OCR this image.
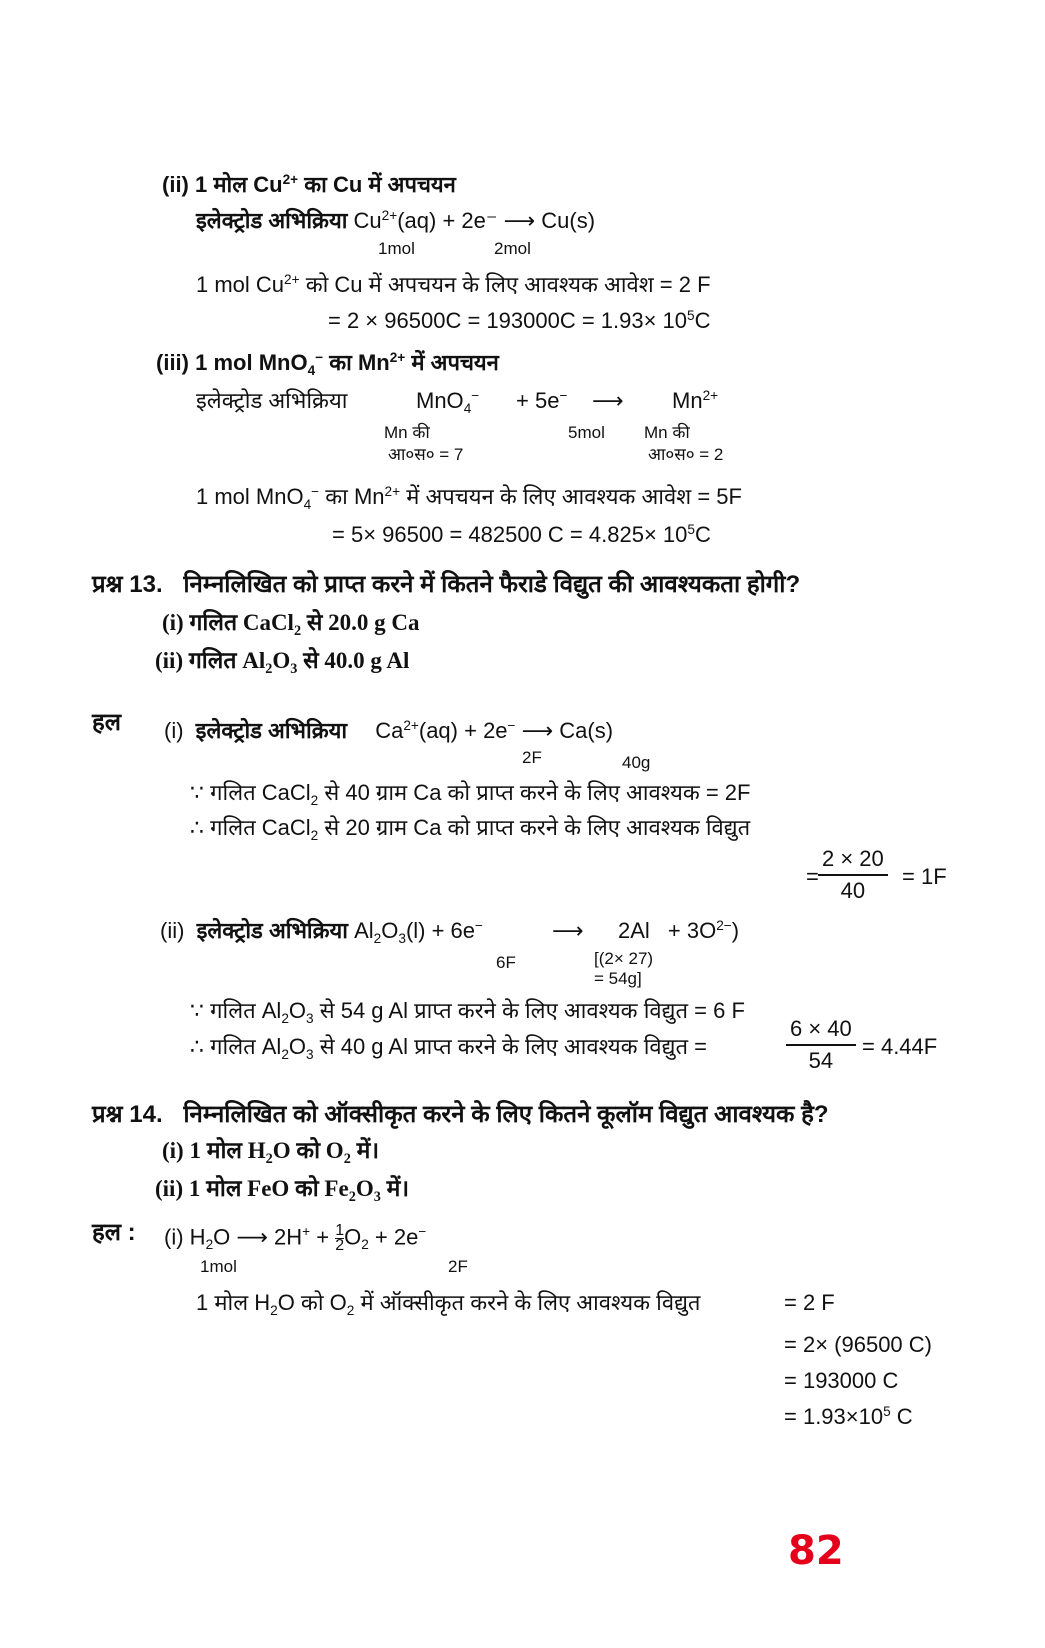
(ii) 1 मोल $Cu^{2+}$ का Cu में अपचयन
इलेक्ट्रोड अभिक्रिया $Cu^{2+}(aq) + 2e^-$ ⟶ Cu(s)
1mol	2mol
1 mol $Cu^{2+}$ को Cu में अपचयन के लिए आवश्यक आवेश = 2 F
= $2 \times 96500C = 193000C = 1.93\times 10^5C$
(iii) 1 mol MnO$_4$− का $Mn^{2+}$ में अपचयन
इलेक्ट्रोड अभिक्रिया	MnO$_4$− + 5e− ⟶ $Mn^{2+}$
Mn की
आ०स० = 7
5mol Mn की
आ०स० = 2
1 mol MnO$_4$− का $Mn^{2+}$ में अपचयन के लिए आवश्यक आवेश = 5F
= 5× 96500 = 482500 $C = 4.825\times 10^5C$
प्रश्न 13. निम्नलिखित को प्राप्त करने में कितने फैराडे विद्युत की आवश्यकता होगी?
(i) गलित CaCl$_2$ से 20.0 g Ca
(ii) गलित $Al_2O_3$ से 40.0 g Al
हल (i) इलेक्ट्रोड अभिक्रिया $Ca^{2+}(aq) + 2e^-$ ⟶ Ca(s)
2F	40g
∵ गलित CaCl$_2$ से 40 ग्राम Ca को प्राप्त करने के लिए आवश्यक = 2F
∴ गलित CaCl$_2$ से 20 ग्राम Ca को प्राप्त करने के लिए आवश्यक विद्युत
= $\frac{2 \times 20}{40} = 1F$
(ii) इलेक्ट्रोड अभिक्रिया $Al_2O_3(l) + 6e^-$	⟶ $2Al + 3O^{2-}$)
6F	[(2× 27)
= 54g]
∵ गलित $Al_2O_3$ से 54 g Al प्राप्त करने के लिए आवश्यक विद्युत = 6 F
∴ गलित $Al_2O_3$ से 40 g Al प्राप्त करने के लिए आवश्यक विद्युत =	$\frac{6 \times 40}{54} = 4.44F$
प्रश्न 14. निम्नलिखित को ऑक्सीकृत करने के लिए कितने कूलॉम विद्युत आवश्यक है?
(i) 1 मोल $H_2O$ को $O_2$ में।
(ii) 1 मोल FeO को $Fe_2O_3$ में।
हल : (i) $H_2O$ ⟶ $2H^+ + \frac{1}{2} O_2 + 2e^-$
1mol	2F
1 मोल $H_2O$ को $O_2$ में ऑक्सीकृत करने के लिए आवश्यक विद्युत	= 2 F
= 2× (96500 C)
= 193000 C
= $1.93\times 10^5$ C
82
